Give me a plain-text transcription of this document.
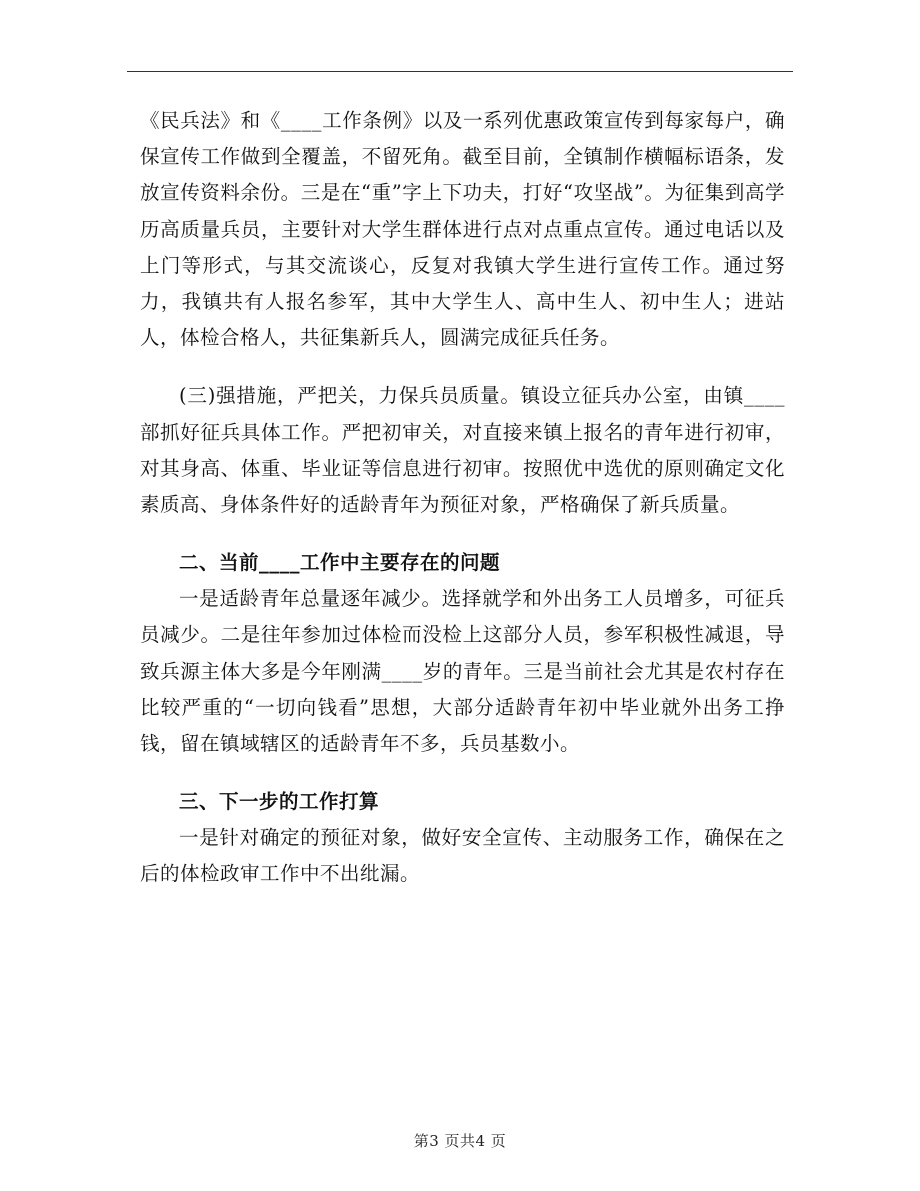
《民兵法》和《____工作条例》以及一系列优惠政策宣传到每家每户，确保宣传工作做到全覆盖，不留死角。截至目前，全镇制作横幅标语条，发放宣传资料余份。三是在“重”字上下功夫，打好“攻坚战”。为征集到高学历高质量兵员，主要针对大学生群体进行点对点重点宣传。通过电话以及上门等形式，与其交流谈心，反复对我镇大学生进行宣传工作。通过努力，我镇共有人报名参军，其中大学生人、高中生人、初中生人；进站人，体检合格人，共征集新兵人，圆满完成征兵任务。

(三)强措施，严把关，力保兵员质量。镇设立征兵办公室，由镇____部抓好征兵具体工作。严把初审关，对直接来镇上报名的青年进行初审，对其身高、体重、毕业证等信息进行初审。按照优中选优的原则确定文化素质高、身体条件好的适龄青年为预征对象，严格确保了新兵质量。

二、当前____工作中主要存在的问题

一是适龄青年总量逐年减少。选择就学和外出务工人员增多，可征兵员减少。二是往年参加过体检而没检上这部分人员，参军积极性减退，导致兵源主体大多是今年刚满____岁的青年。三是当前社会尤其是农村存在比较严重的“一切向钱看”思想，大部分适龄青年初中毕业就外出务工挣钱，留在镇域辖区的适龄青年不多，兵员基数小。

三、下一步的工作打算

一是针对确定的预征对象，做好安全宣传、主动服务工作，确保在之后的体检政审工作中不出纰漏。

第3 页共4 页
